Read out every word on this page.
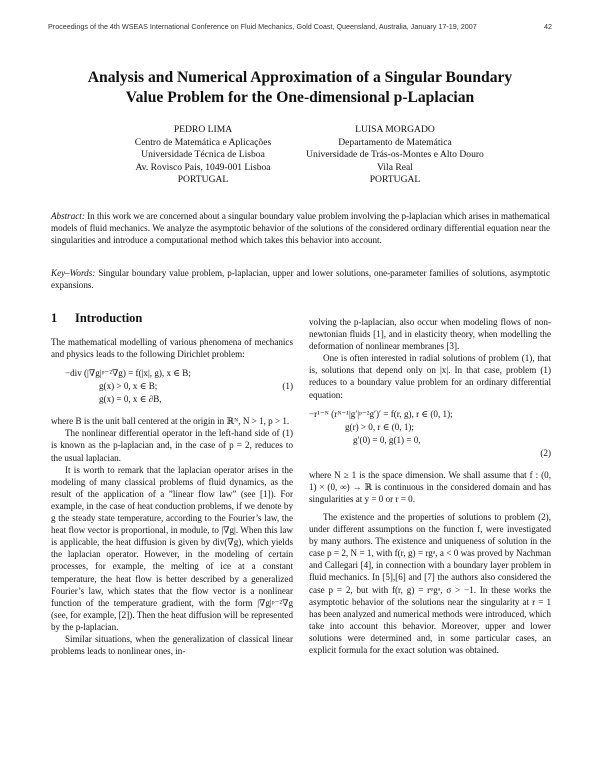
Proceedings of the 4th WSEAS International Conference on Fluid Mechanics, Gold Coast, Queensland, Australia, January 17-19, 2007	42
Analysis and Numerical Approximation of a Singular Boundary
Value Problem for the One-dimensional p-Laplacian
PEDRO LIMA
Centro de Matemática e Aplicações
Universidade Técnica de Lisboa
Av. Rovisco Pais, 1049-001 Lisboa
PORTUGAL
LUISA MORGADO
Departamento de Matemática
Universidade de Trás-os-Montes e Alto Douro
Vila Real
PORTUGAL
Abstract: In this work we are concerned about a singular boundary value problem involving the p-laplacian which arises in mathematical models of fluid mechanics. We analyze the asymptotic behavior of the solutions of the considered ordinary differential equation near the singularities and introduce a computational method which takes this behavior into account.
Key–Words: Singular boundary value problem, p-laplacian, upper and lower solutions, one-parameter families of solutions, asymptotic expansions.
1 Introduction

The mathematical modelling of various phenomena of mechanics and physics leads to the following Dirichlet problem:

−div (|∇g|ᵖ⁻²∇g) = f(|x|, g), x ∈ B;
g(x) > 0, x ∈ B;
g(x) = 0, x ∈ ∂B,
(1)

where B is the unit ball centered at the origin in ℝᴺ, N > 1, p > 1.

The nonlinear differential operator in the left-hand side of (1) is known as the p-laplacian and, in the case of p = 2, reduces to the usual laplacian.

It is worth to remark that the laplacian operator arises in the modeling of many classical problems of fluid dynamics, as the result of the application of a ”linear flow law” (see [1]). For example, in the case of heat conduction problems, if we denote by g the steady state temperature, according to the Fourier’s law, the heat flow vector is proportional, in module, to |∇g|. When this law is applicable, the heat diffusion is given by div(∇g), which yields the laplacian operator. However, in the modeling of certain processes, for example, the melting of ice at a constant temperature, the heat flow is better described by a generalized Fourier’s law, which states that the flow vector is a nonlinear function of the temperature gradient, with the form |∇g|ᵖ⁻²∇g (see, for example, [2]). Then the heat diffusion will be represented by the p-laplacian.

Similar situations, when the generalization of classical linear problems leads to nonlinear ones, in-

volving the p-laplacian, also occur when modeling flows of non-newtonian fluids [1], and in elasticity theory, when modelling the deformation of nonlinear membranes [3].

One is often interested in radial solutions of problem (1), that is, solutions that depend only on |x|. In that case, problem (1) reduces to a boundary value problem for an ordinary differential equation:

−r¹⁻ᴺ (rᴺ⁻¹|g′|ᵖ⁻²g′)′ = f(r, g), r ∈ (0, 1);
g(r) > 0, r ∈ (0, 1);
g′(0) = 0, g(1) = 0,
(2)

where N ≥ 1 is the space dimension. We shall assume that f : (0, 1) × (0, ∞) → ℝ is continuous in the considered domain and has singularities at y = 0 or r = 0.

The existence and the properties of solutions to problem (2), under different assumptions on the function f, were investigated by many authors. The existence and uniqueness of solution in the case p = 2, N = 1, with f(r, g) = rgᵃ, a < 0 was proved by Nachman and Callegari [4], in connection with a boundary layer problem in fluid mechanics. In [5],[6] and [7] the authors also considered the case p = 2, but with f(r, g) = rᵠgᵃ, σ > −1. In these works the asymptotic behavior of the solutions near the singularity at r = 1 has been analyzed and numerical methods were introduced, which take into account this behavior. Moreover, upper and lower solutions were determined and, in some particular cases, an explicit formula for the exact solution was obtained.
